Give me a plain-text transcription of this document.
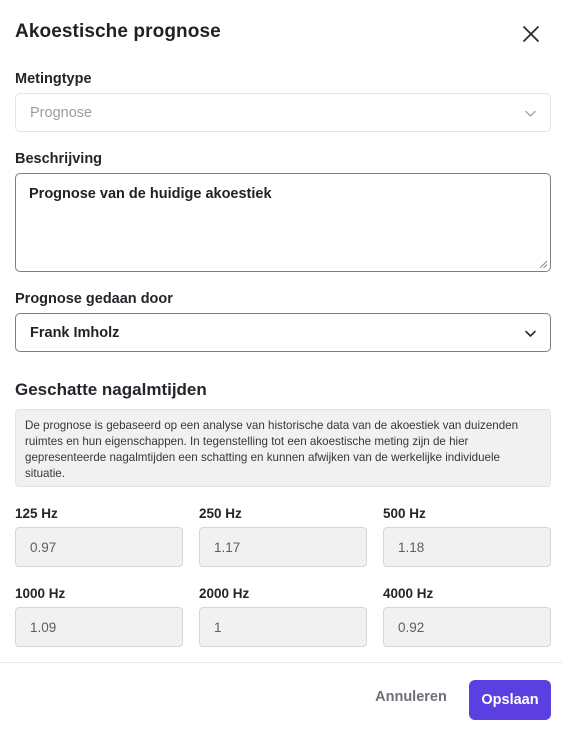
Akoestische prognose
Metingtype
Prognose
Beschrijving
Prognose van de huidige akoestiek
Prognose gedaan door
Frank Imholz
Geschatte nagalmtijden
De prognose is gebaseerd op een analyse van historische data van de akoestiek van duizenden ruimtes en hun eigenschappen. In tegenstelling tot een akoestische meting zijn de hier gepresenteerde nagalmtijden een schatting en kunnen afwijken van de werkelijke individuele situatie.
125 Hz
0.97
250 Hz
1.17
500 Hz
1.18
1000 Hz
1.09
2000 Hz
1
4000 Hz
0.92
Annuleren	Opslaan
